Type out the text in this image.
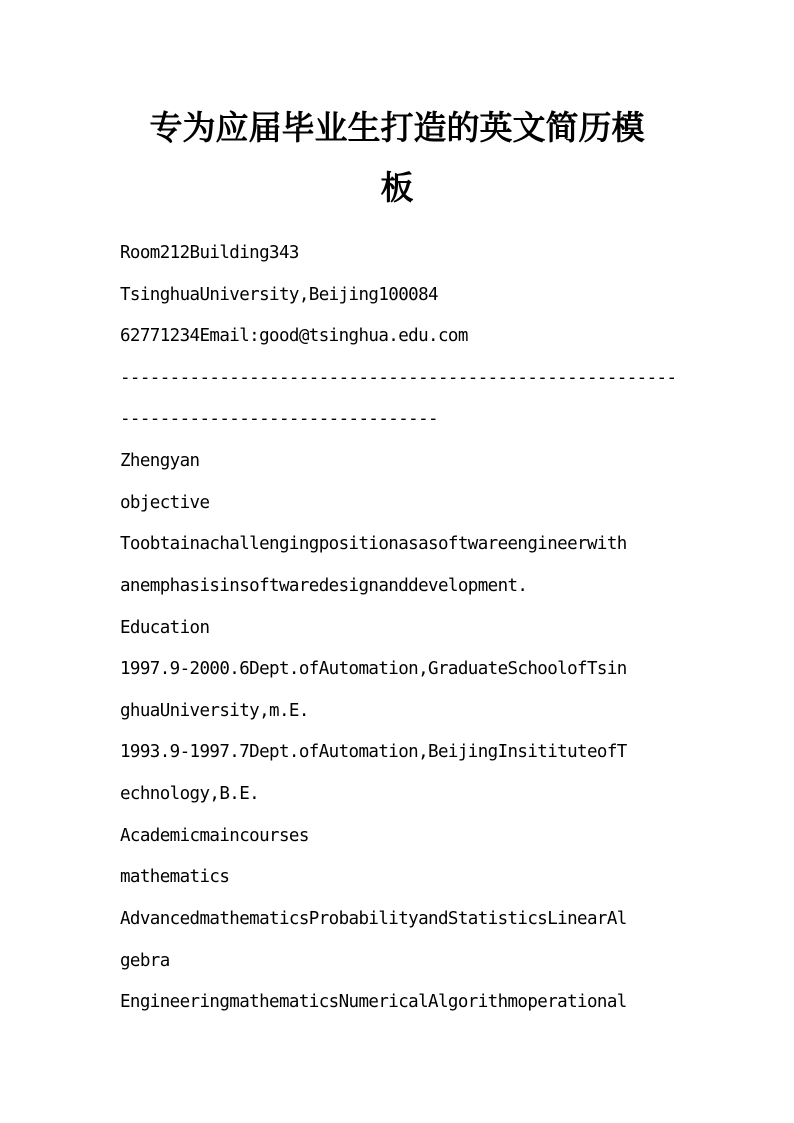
专为应届毕业生打造的英文简历模
板

Room212Building343

TsinghuaUniversity,Beijing100084

62771234Email:good@tsinghua.edu.com

--------------------------------------------------------

--------------------------------

Zhengyan

objective

Toobtainachallengingpositionasasoftwareengineerwith

anemphasisinsoftwaredesignanddevelopment.

Education

1997.9-2000.6Dept.ofAutomation,GraduateSchoolofTsin

ghuaUniversity,m.E.

1993.9-1997.7Dept.ofAutomation,BeijingInsitituteofT

echnology,B.E.

Academicmaincourses

mathematics

AdvancedmathematicsProbabilityandStatisticsLinearAl

gebra

EngineeringmathematicsNumericalAlgorithmoperational
